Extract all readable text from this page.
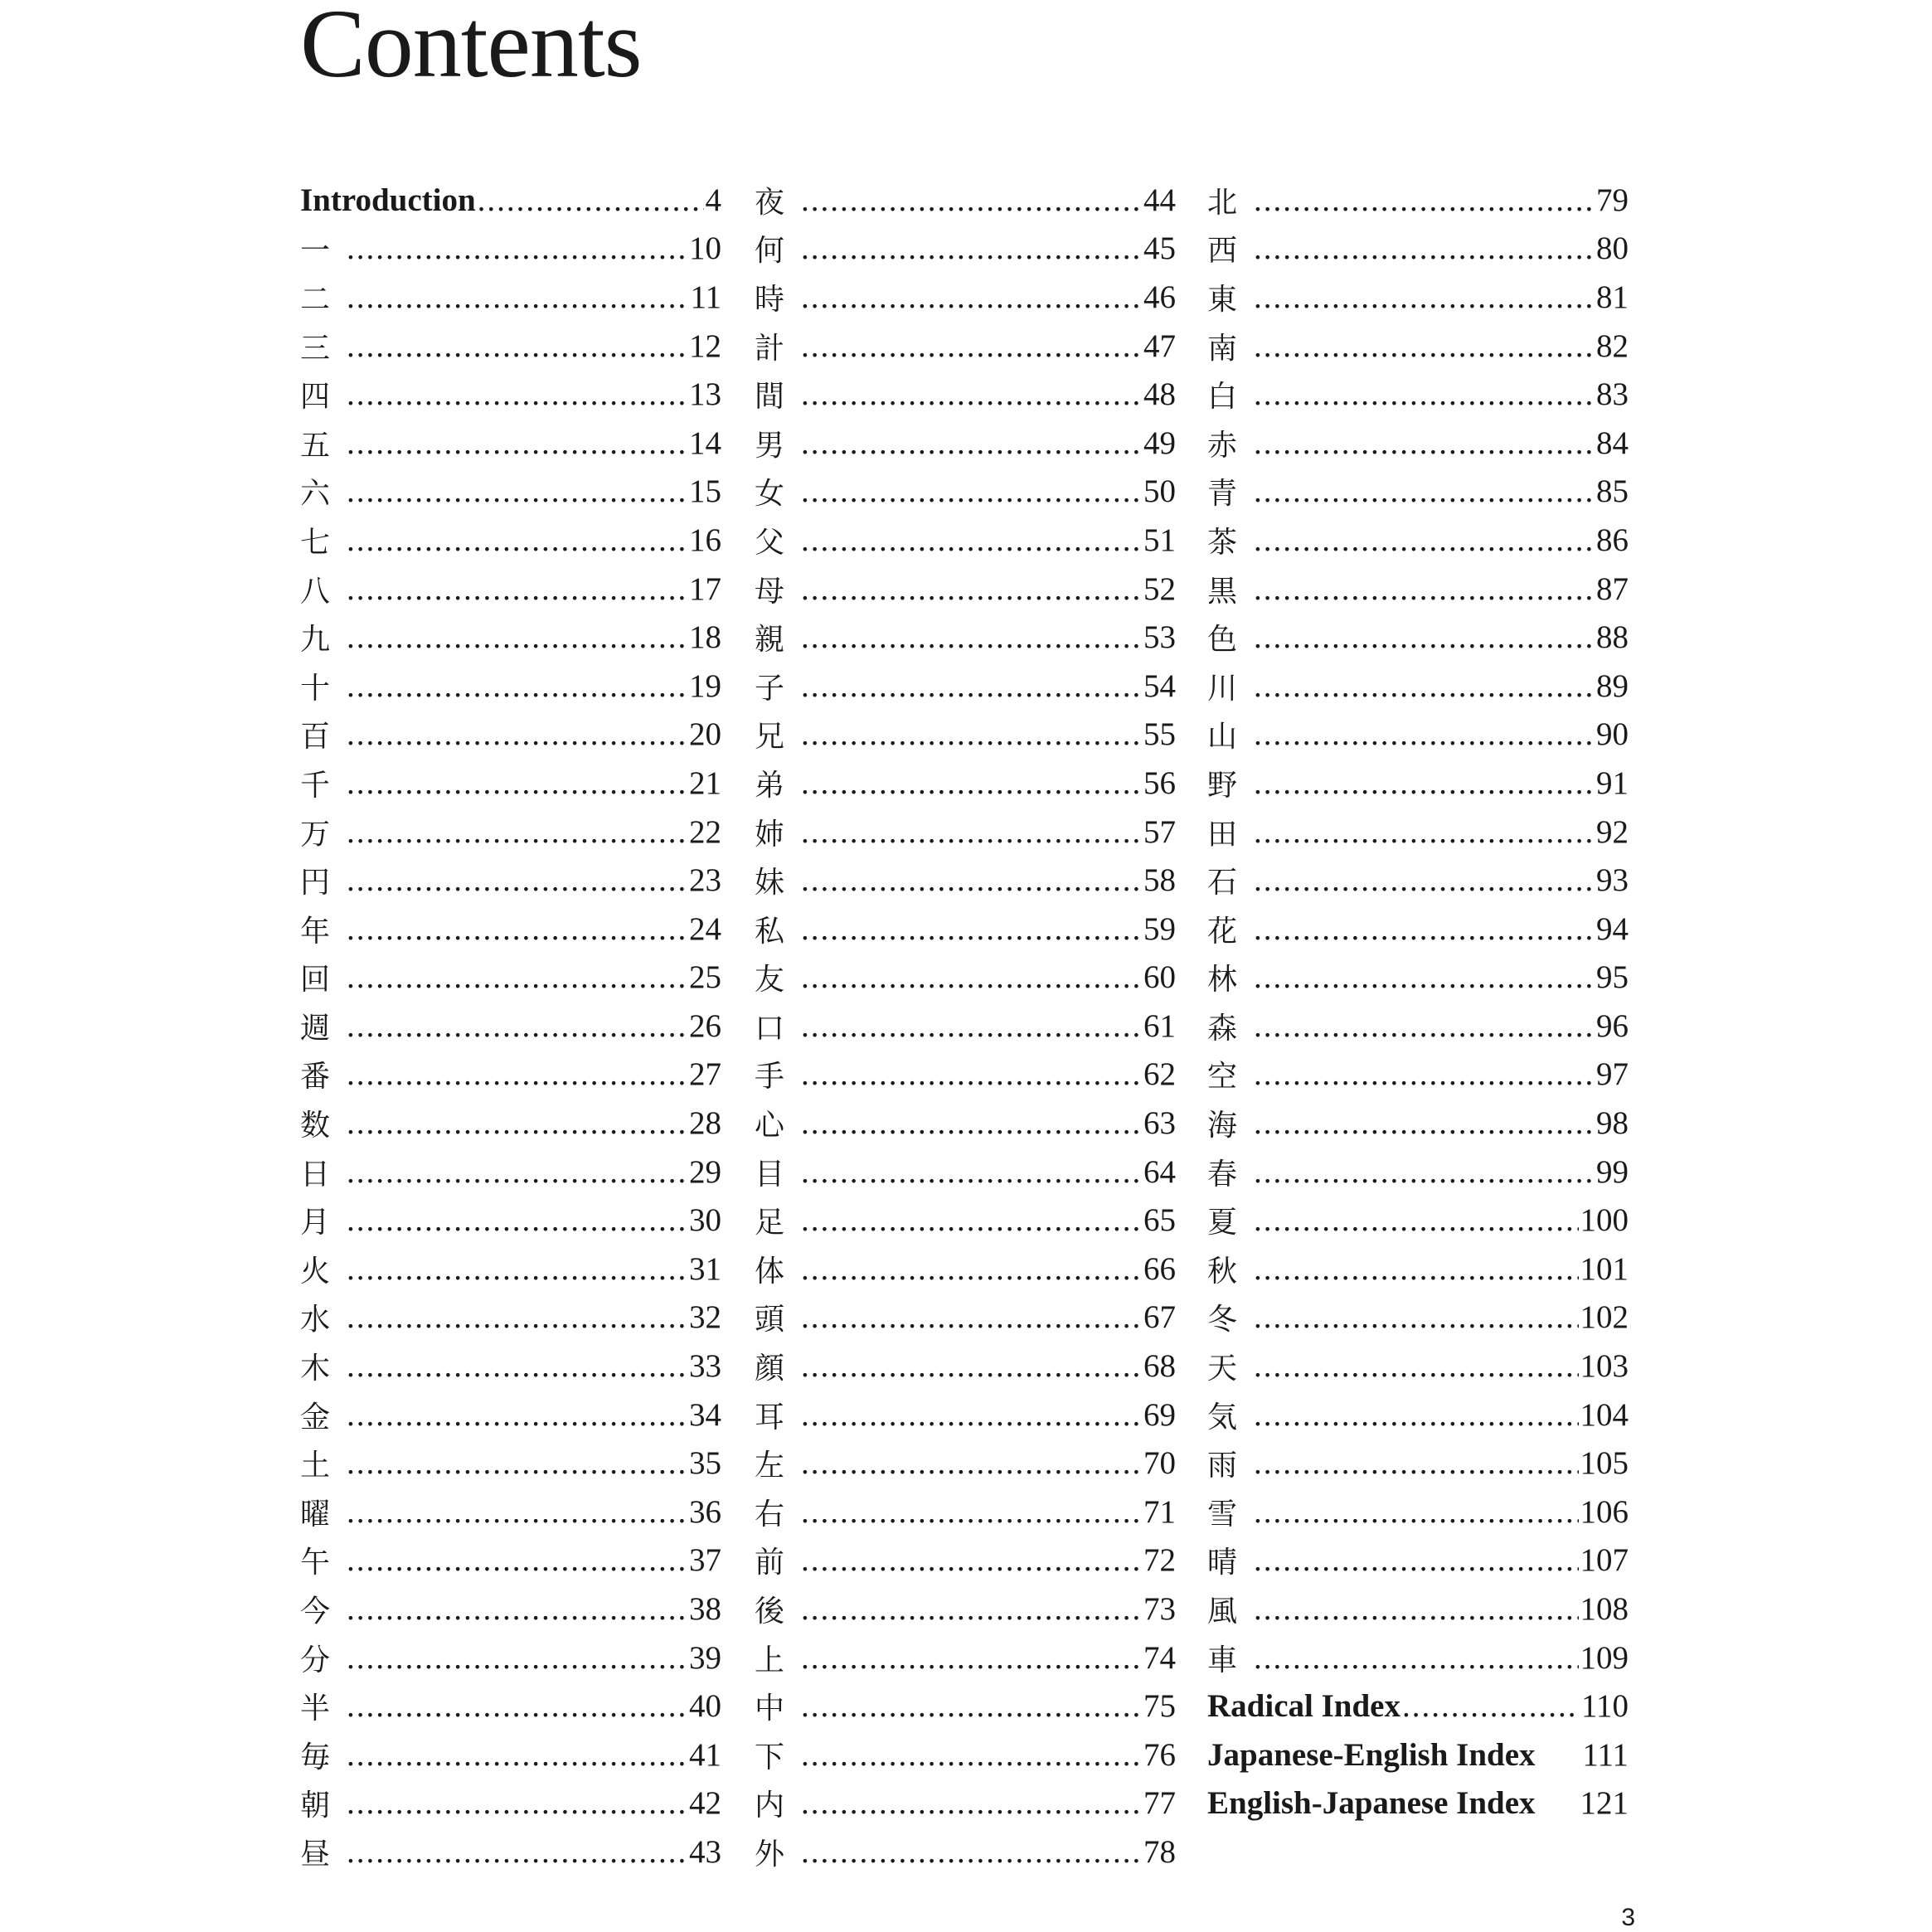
Contents
Introduction .....	4
一 .....	10
二 .....	11
三 .....	12
四 .....	13
五 .....	14
六 .....	15
七 .....	16
八 .....	17
九 .....	18
十 .....	19
百 .....	20
千 .....	21
万 .....	22
円 .....	23
年 .....	24
回 .....	25
週 .....	26
番 .....	27
数 .....	28
日 .....	29
月 .....	30
火 .....	31
水 .....	32
木 .....	33
金 .....	34
土 .....	35
曜 .....	36
午 .....	37
今 .....	38
分 .....	39
半 .....	40
毎 .....	41
朝 .....	42
昼 .....	43
夜 .....	44
何 .....	45
時 .....	46
計 .....	47
間 .....	48
男 .....	49
女 .....	50
父 .....	51
母 .....	52
親 .....	53
子 .....	54
兄 .....	55
弟 .....	56
姉 .....	57
妹 .....	58
私 .....	59
友 .....	60
口 .....	61
手 .....	62
心 .....	63
目 .....	64
足 .....	65
体 .....	66
頭 .....	67
顔 .....	68
耳 .....	69
左 .....	70
右 .....	71
前 .....	72
後 .....	73
上 .....	74
中 .....	75
下 .....	76
内 .....	77
外 .....	78
北 .....	79
西 .....	80
東 .....	81
南 .....	82
白 .....	83
赤 .....	84
青 .....	85
茶 .....	86
黒 .....	87
色 .....	88
川 .....	89
山 .....	90
野 .....	91
田 .....	92
石 .....	93
花 .....	94
林 .....	95
森 .....	96
空 .....	97
海 .....	98
春 .....	99
夏 .....	100
秋 .....	101
冬 .....	102
天 .....	103
気 .....	104
雨 .....	105
雪 .....	106
晴 .....	107
風 .....	108
車 .....	109
Radical Index .....	110
Japanese-English Index 111
English-Japanese Index 121
3
